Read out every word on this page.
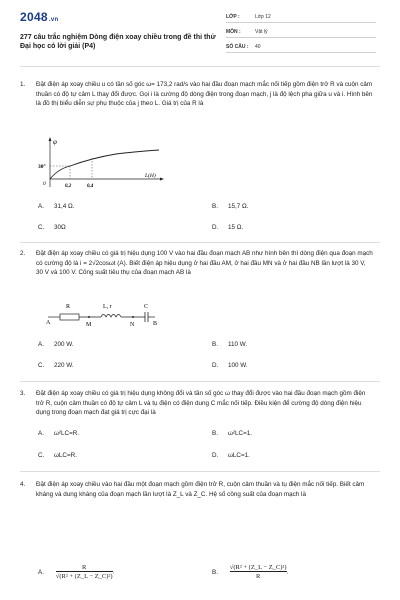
2048.vn
277 câu trắc nghiệm Dòng điện xoay chiều trong đề thi thử Đại học có lời giải (P4)
LỚP :	Lớp 12
MÔN :	Vật lý
SỐ CÂU :	40
1. Đặt điện áp xoay chiều u có tần số góc ω= 173,2 rad/s vào hai đầu đoạn mạch mắc nối tiếp gồm điện trở R và cuộn cảm thuần có độ tự cảm L thay đổi được. Gọi i là cường độ dòng điện trong đoạn mạch, j là độ lệch pha giữa u và i. Hình bên là đồ thị biểu diễn sự phụ thuộc của j theo L. Giá trị của R là
φ
30°
0	0,2	0,4
L(H)
A. 31,4 Ω.	B. 15,7 Ω.
C. 30Ω	D. 15 Ω.
2. Đặt điện áp xoay chiều có giá trị hiệu dụng 100 V vào hai đầu đoạn mạch AB như hình bên thì dòng điện qua đoạn mạch có cường độ là i = 2√2cosωt (A). Biết điện áp hiệu dụng ở hai đầu AM, ở hai đầu MN và ở hai đầu NB lần lượt là 30 V, 30 V và 100 V. Công suất tiêu thụ của đoạn mạch AB là
A
R
M
L, r
N
C
B
A. 200 W.	B. 110 W.
C. 220 W.	D. 100 W.
3. Đặt điện áp xoay chiều có giá trị hiệu dụng không đổi và tần số góc ω thay đổi được vào hai đầu đoạn mạch gồm điện trở R, cuộn cảm thuần có độ tự cảm L và tụ điện có điện dung C mắc nối tiếp. Điều kiện để cường độ dòng điện hiệu dụng trong đoạn mạch đạt giá trị cực đại là
A. ω²LC=R.	B. ω²LC=1.
C. ωLC=R.	D. ωLC=1.
4. Đặt điện áp xoay chiều vào hai đầu một đoạn mạch gồm điện trở R, cuộn cảm thuần và tụ điện mắc nối tiếp. Biết cảm kháng và dung kháng của đoạn mạch lần lượt là Z_L và Z_C. Hệ số công suất của đoạn mạch là
A. $\frac{R}{\text{√(R² + (Z\_L − Z\_C)²)}}$ .	B. $\frac{\text{√(R² + (Z\_L − Z\_C)²)}}{R}$ .
